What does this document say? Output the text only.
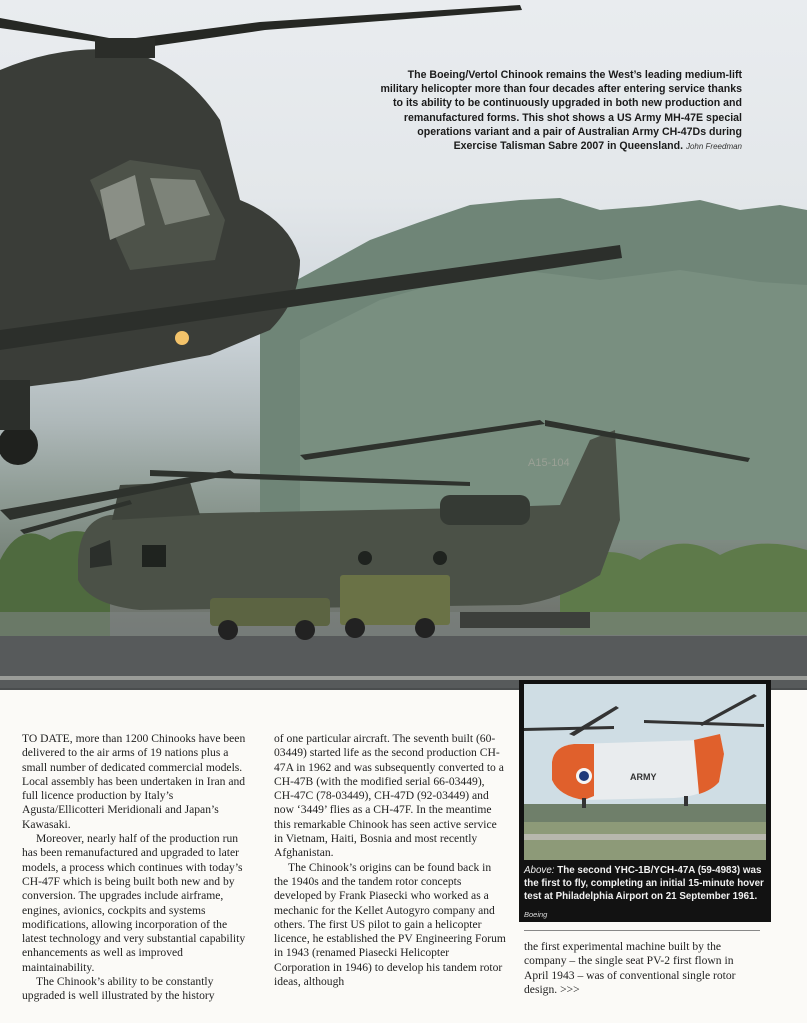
A15-104
The Boeing/Vertol Chinook remains the West’s leading medium-lift military helicopter more than four decades after entering service thanks to its ability to be continuously upgraded in both new production and remanufactured forms. This shot shows a US Army MH-47E special operations variant and a pair of Australian Army CH-47Ds during Exercise Talisman Sabre 2007 in Queensland. John Freedman

TO DATE, more than 1200 Chinooks have been delivered to the air arms of 19 nations plus a small number of dedicated commercial models. Local assembly has been undertaken in Iran and full licence production by Italy’s Agusta/Ellicotteri Meridionali and Japan’s Kawasaki.

Moreover, nearly half of the production run has been remanufactured and upgraded to later models, a process which continues with today’s CH-47F which is being built both new and by conversion. The upgrades include airframe, engines, avionics, cockpits and systems modifications, allowing incorporation of the latest technology and very substantial capability enhancements as well as improved maintainability.

The Chinook’s ability to be constantly upgraded is well illustrated by the history

of one particular aircraft. The seventh built (60-03449) started life as the second production CH-47A in 1962 and was subsequently converted to a CH-47B (with the modified serial 66-03449), CH-47C (78-03449), CH-47D (92-03449) and now ‘3449’ flies as a CH-47F. In the meantime this remarkable Chinook has seen active service in Vietnam, Haiti, Bosnia and most recently Afghanistan.

The Chinook’s origins can be found back in the 1940s and the tandem rotor concepts developed by Frank Piasecki who worked as a mechanic for the Kellet Autogyro company and others. The first US pilot to gain a helicopter licence, he established the PV Engineering Forum in 1943 (renamed Piasecki Helicopter Corporation in 1946) to develop his tandem rotor ideas, although

the first experimental machine built by the company – the single seat PV-2 first flown in April 1943 – was of conventional single rotor design. >>>

ARMY
Above: The second YHC-1B/YCH-47A (59-4983) was the first to fly, completing an initial 15-minute hover test at Philadelphia Airport on 21 September 1961.
Boeing
